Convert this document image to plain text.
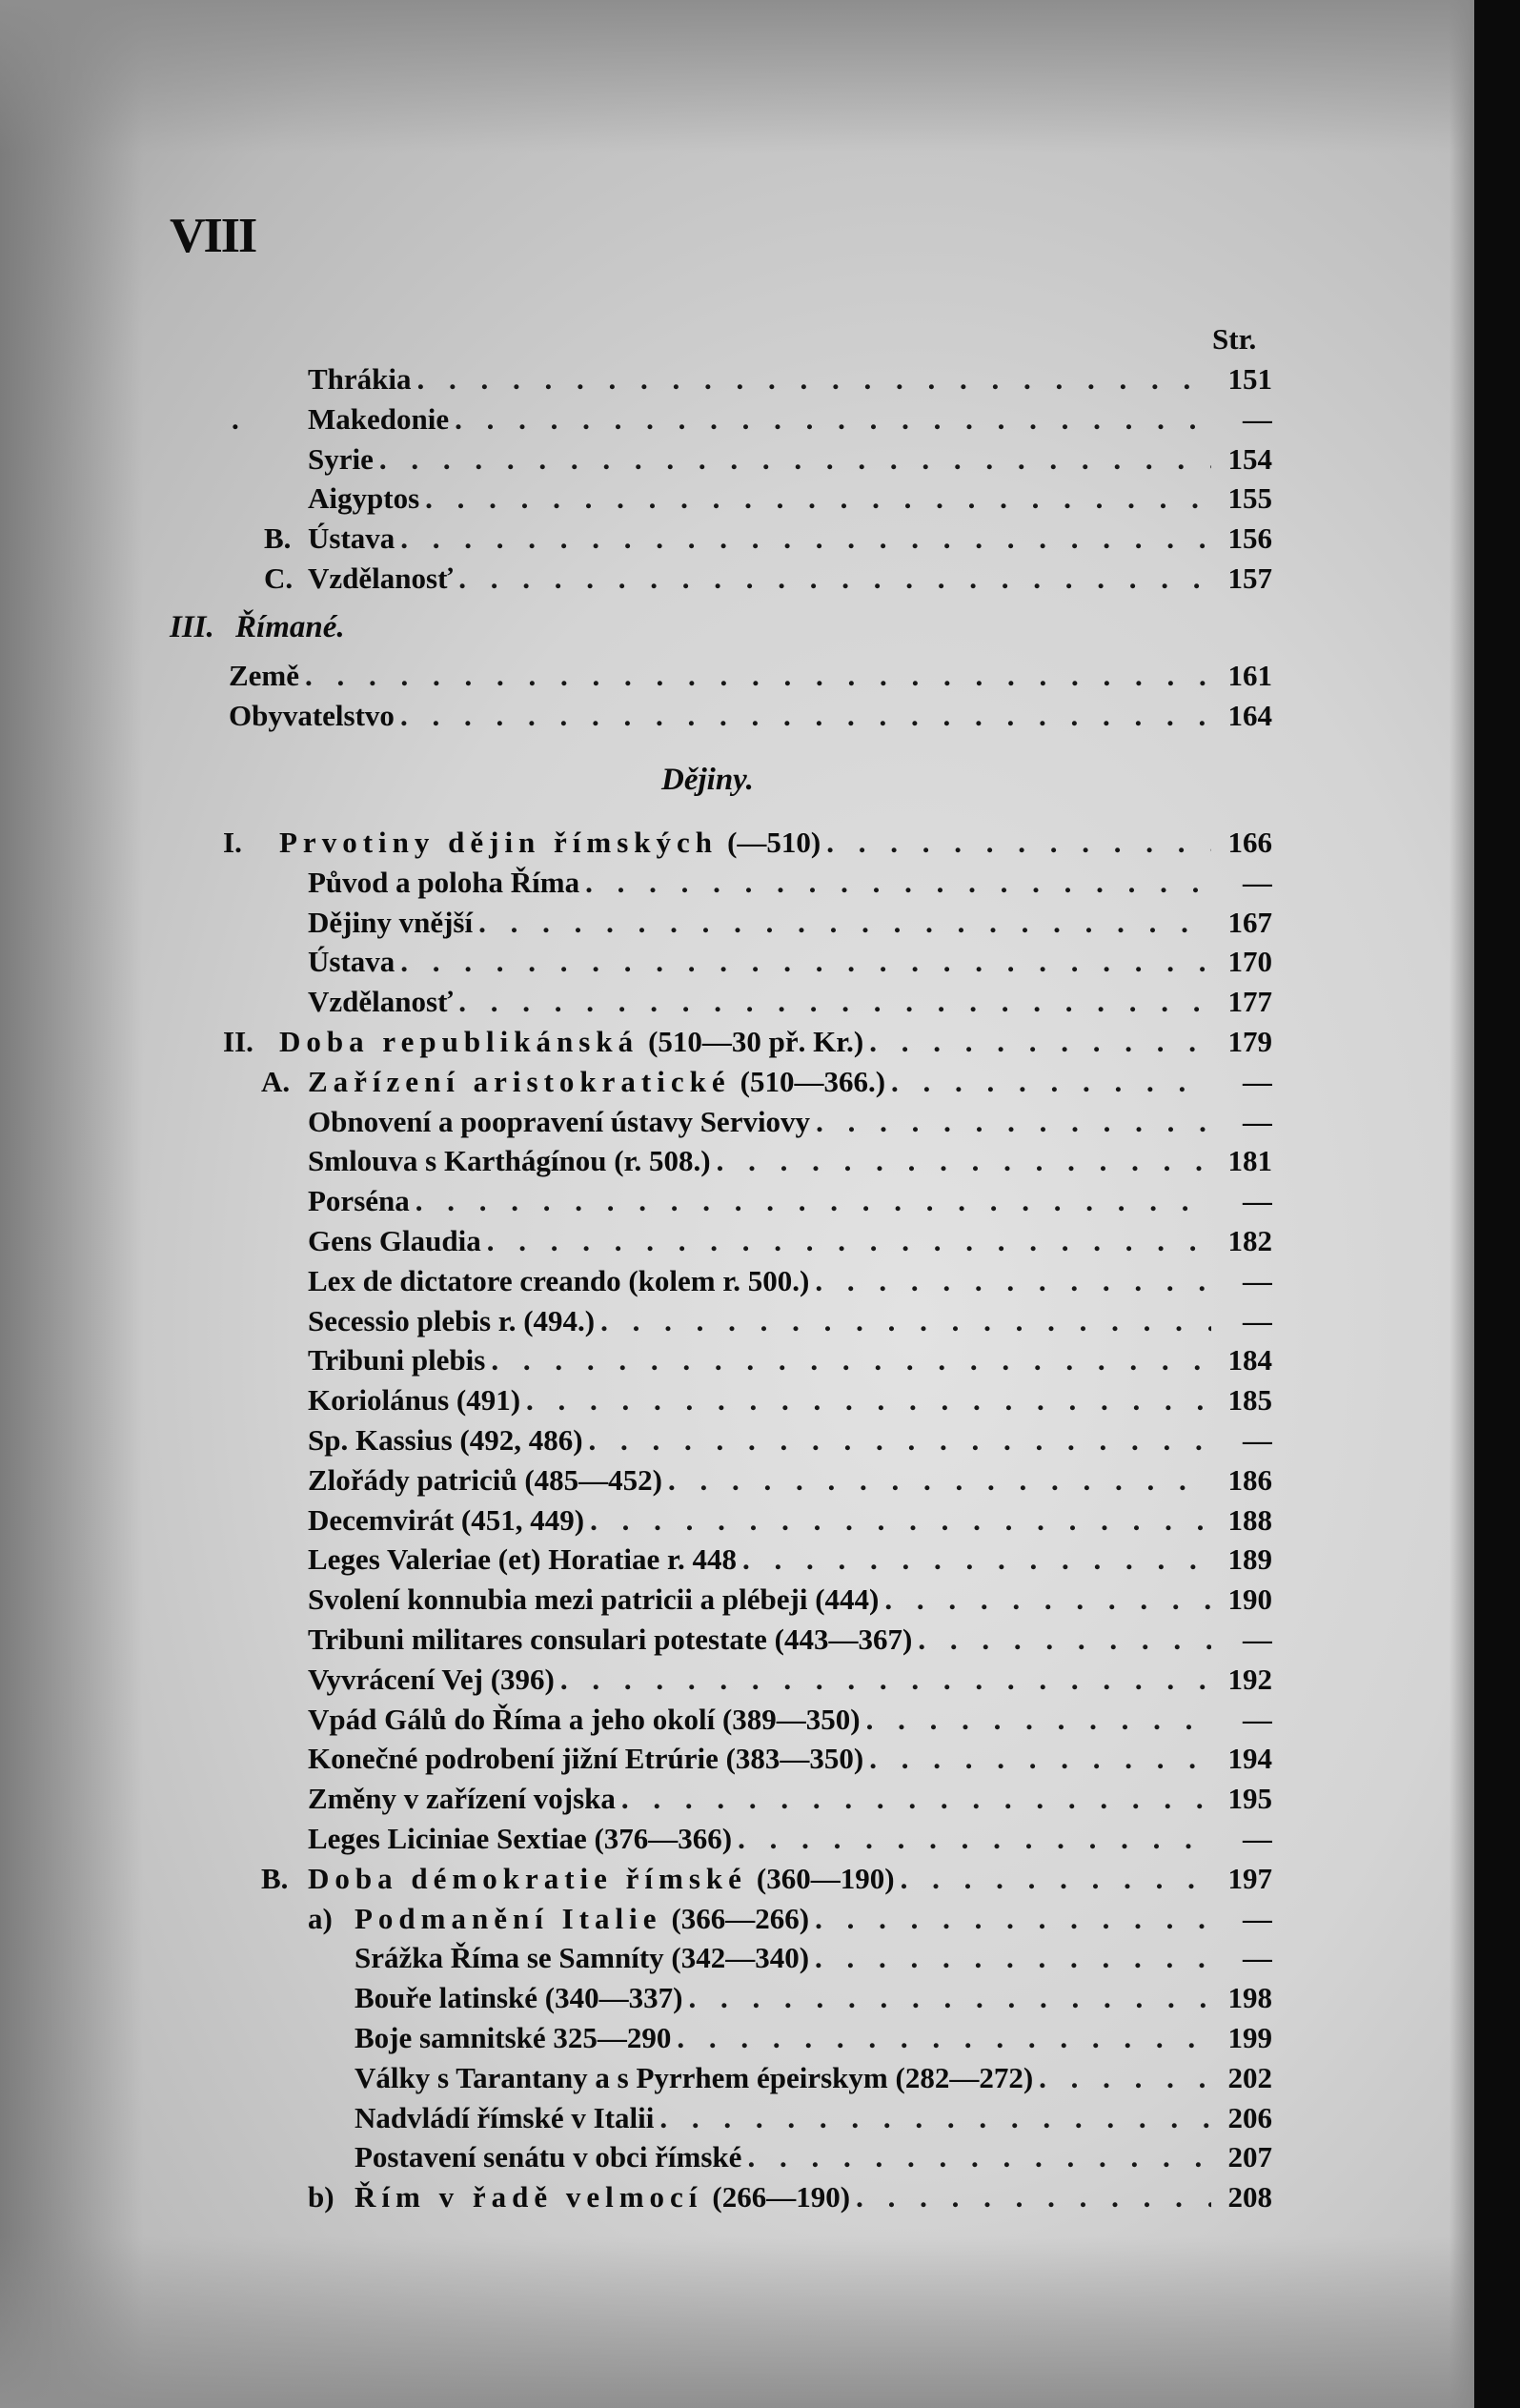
VIII
Str.
III. Římané.
Dějiny.
Thrákia . . .	151
.	Makedonie . . .	—
Syrie . . .	154
Aigyptos . . .	155
B. Ústava . . .	156
C. Vzdělanosť . . .	157
Země . . .	161
Obyvatelstvo . . .	164
I.	Prvotiny dějin římských (—510) . . .	166
Původ a poloha Říma . . .	—
Dějiny vnější . . .	167
Ústava . . .	170
Vzdělanosť . . .	177
II. Doba republikánská (510—30 př. Kr.) . . .	179
A. Zařízení aristokratické (510—366.) . . .	—
Obnovení a poopravení ústavy Serviovy . . .	—
Smlouva s Karthágínou (r. 508.) . . .	181
Porséna . . .	—
Gens Glaudia . . .	182
Lex de dictatore creando (kolem r. 500.) . . .	—
Secessio plebis r. (494.) . . .	—
Tribuni plebis . . .	184
Koriolánus (491) . . .	185
Sp. Kassius (492, 486) . . .	—
Zlořády patriciů (485—452) . . .	186
Decemvirát (451, 449) . . .	188
Leges Valeriae (et) Horatiae r. 448 . . .	189
Svolení konnubia mezi patricii a plébeji (444) . . .	190
Tribuni militares consulari potestate (443—367) . . .	—
Vyvrácení Vej (396) . . .	192
Vpád Gálů do Říma a jeho okolí (389—350) . . .	—
Konečné podrobení jižní Etrúrie (383—350) . . .	194
Změny v zařízení vojska . . .	195
Leges Liciniae Sextiae (376—366) . . .	—
B. Doba démokratie římské (360—190) . . .	197
a) Podmanění Italie (366—266) . . .	—
Srážka Říma se Samníty (342—340) . . .	—
Bouře latinské (340—337) . . .	198
Boje samnitské 325—290 . . .	199
Války s Tarantany a s Pyrrhem épeirskym (282—272) . . .	202
Nadvládí římské v Italii . . .	206
Postavení senátu v obci římské . . .	207
b) Řím v řadě velmocí (266—190) . . .	208
